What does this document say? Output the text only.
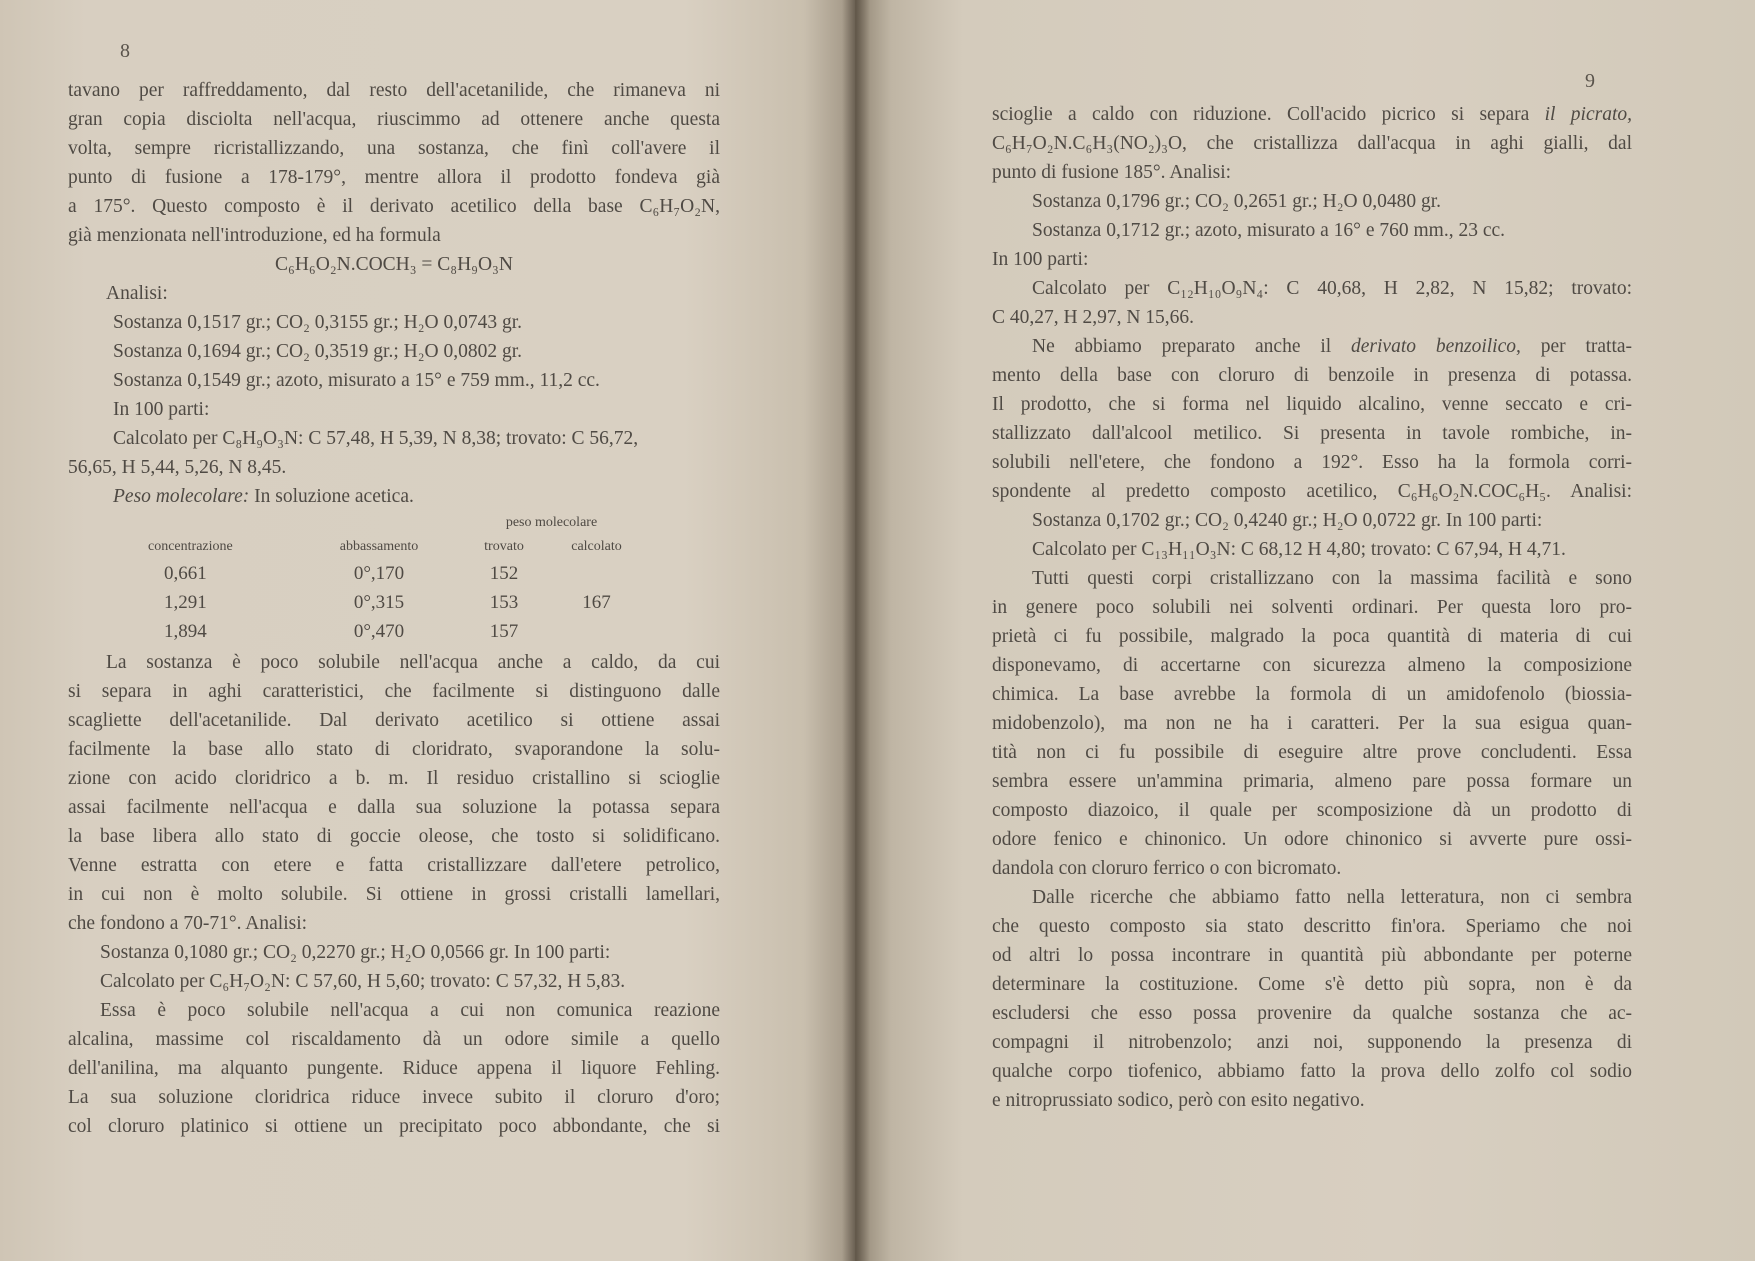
8
tavano per raffreddamento, dal resto dell'acetanilide, che rimaneva ni
gran copia disciolta nell'acqua, riuscimmo ad ottenere anche questa
volta, sempre ricristallizzando, una sostanza, che finì coll'avere il
punto di fusione a 178-179°, mentre allora il prodotto fondeva già
a 175°. Questo composto è il derivato acetilico della base C₆H₇O₂N,
già menzionata nell'introduzione, ed ha formula
C₆H₆O₂N.COCH₃ = C₈H₉O₃N
Analisi:
Sostanza 0,1517 gr.; CO₂ 0,3155 gr.; H₂O 0,0743 gr.
Sostanza 0,1694 gr.; CO₂ 0,3519 gr.; H₂O 0,0802 gr.
Sostanza 0,1549 gr.; azoto, misurato a 15° e 759 mm., 11,2 cc.
In 100 parti:
Calcolato per C₈H₉O₃N: C 57,48, H 5,39, N 8,38; trovato: C 56,72,
56,65, H 5,44, 5,26, N 8,45.
Peso molecolare: In soluzione acetica.
peso molecolare
concentrazione	abbassamento	trovato	calcolato
0,661	0°,170	152
1,291	0°,315	153	167
1,894	0°,470	157
La sostanza è poco solubile nell'acqua anche a caldo, da cui
si separa in aghi caratteristici, che facilmente si distinguono dalle
scagliette dell'acetanilide. Dal derivato acetilico si ottiene assai
facilmente la base allo stato di cloridrato, svaporandone la solu-
zione con acido cloridrico a b. m. Il residuo cristallino si scioglie
assai facilmente nell'acqua e dalla sua soluzione la potassa separa
la base libera allo stato di goccie oleose, che tosto si solidificano.
Venne estratta con etere e fatta cristallizzare dall'etere petrolico,
in cui non è molto solubile. Si ottiene in grossi cristalli lamellari,
che fondono a 70-71°. Analisi:
Sostanza 0,1080 gr.; CO₂ 0,2270 gr.; H₂O 0,0566 gr. In 100 parti:
Calcolato per C₆H₇O₂N: C 57,60, H 5,60; trovato: C 57,32, H 5,83.
Essa è poco solubile nell'acqua a cui non comunica reazione
alcalina, massime col riscaldamento dà un odore simile a quello
dell'anilina, ma alquanto pungente. Riduce appena il liquore Fehling.
La sua soluzione cloridrica riduce invece subito il cloruro d'oro;
col cloruro platinico si ottiene un precipitato poco abbondante, che si
9
scioglie a caldo con riduzione. Coll'acido picrico si separa il picrato,
C₆H₇O₂N.C₆H₃(NO₂)₃O, che cristallizza dall'acqua in aghi gialli, dal
punto di fusione 185°. Analisi:
Sostanza 0,1796 gr.; CO₂ 0,2651 gr.; H₂O 0,0480 gr.
Sostanza 0,1712 gr.; azoto, misurato a 16° e 760 mm., 23 cc.
In 100 parti:
Calcolato per C₁₂H₁₀O₉N₄: C 40,68, H 2,82, N 15,82; trovato:
C 40,27, H 2,97, N 15,66.
Ne abbiamo preparato anche il derivato benzoilico, per tratta-
mento della base con cloruro di benzoile in presenza di potassa.
Il prodotto, che si forma nel liquido alcalino, venne seccato e cri-
stallizzato dall'alcool metilico. Si presenta in tavole rombiche, in-
solubili nell'etere, che fondono a 192°. Esso ha la formola corri-
spondente al predetto composto acetilico, C₆H₆O₂N.COC₆H₅. Analisi:
Sostanza 0,1702 gr.; CO₂ 0,4240 gr.; H₂O 0,0722 gr. In 100 parti:
Calcolato per C₁₃H₁₁O₃N: C 68,12 H 4,80; trovato: C 67,94, H 4,71.
Tutti questi corpi cristallizzano con la massima facilità e sono
in genere poco solubili nei solventi ordinari. Per questa loro pro-
prietà ci fu possibile, malgrado la poca quantità di materia di cui
disponevamo, di accertarne con sicurezza almeno la composizione
chimica. La base avrebbe la formola di un amidofenolo (biossia-
midobenzolo), ma non ne ha i caratteri. Per la sua esigua quan-
tità non ci fu possibile di eseguire altre prove concludenti. Essa
sembra essere un'ammina primaria, almeno pare possa formare un
composto diazoico, il quale per scomposizione dà un prodotto di
odore fenico e chinonico. Un odore chinonico si avverte pure ossi-
dandola con cloruro ferrico o con bicromato.
Dalle ricerche che abbiamo fatto nella letteratura, non ci sembra
che questo composto sia stato descritto fin'ora. Speriamo che noi
od altri lo possa incontrare in quantità più abbondante per poterne
determinare la costituzione. Come s'è detto più sopra, non è da
escludersi che esso possa provenire da qualche sostanza che ac-
compagni il nitrobenzolo; anzi noi, supponendo la presenza di
qualche corpo tiofenico, abbiamo fatto la prova dello zolfo col sodio
e nitroprussiato sodico, però con esito negativo.
